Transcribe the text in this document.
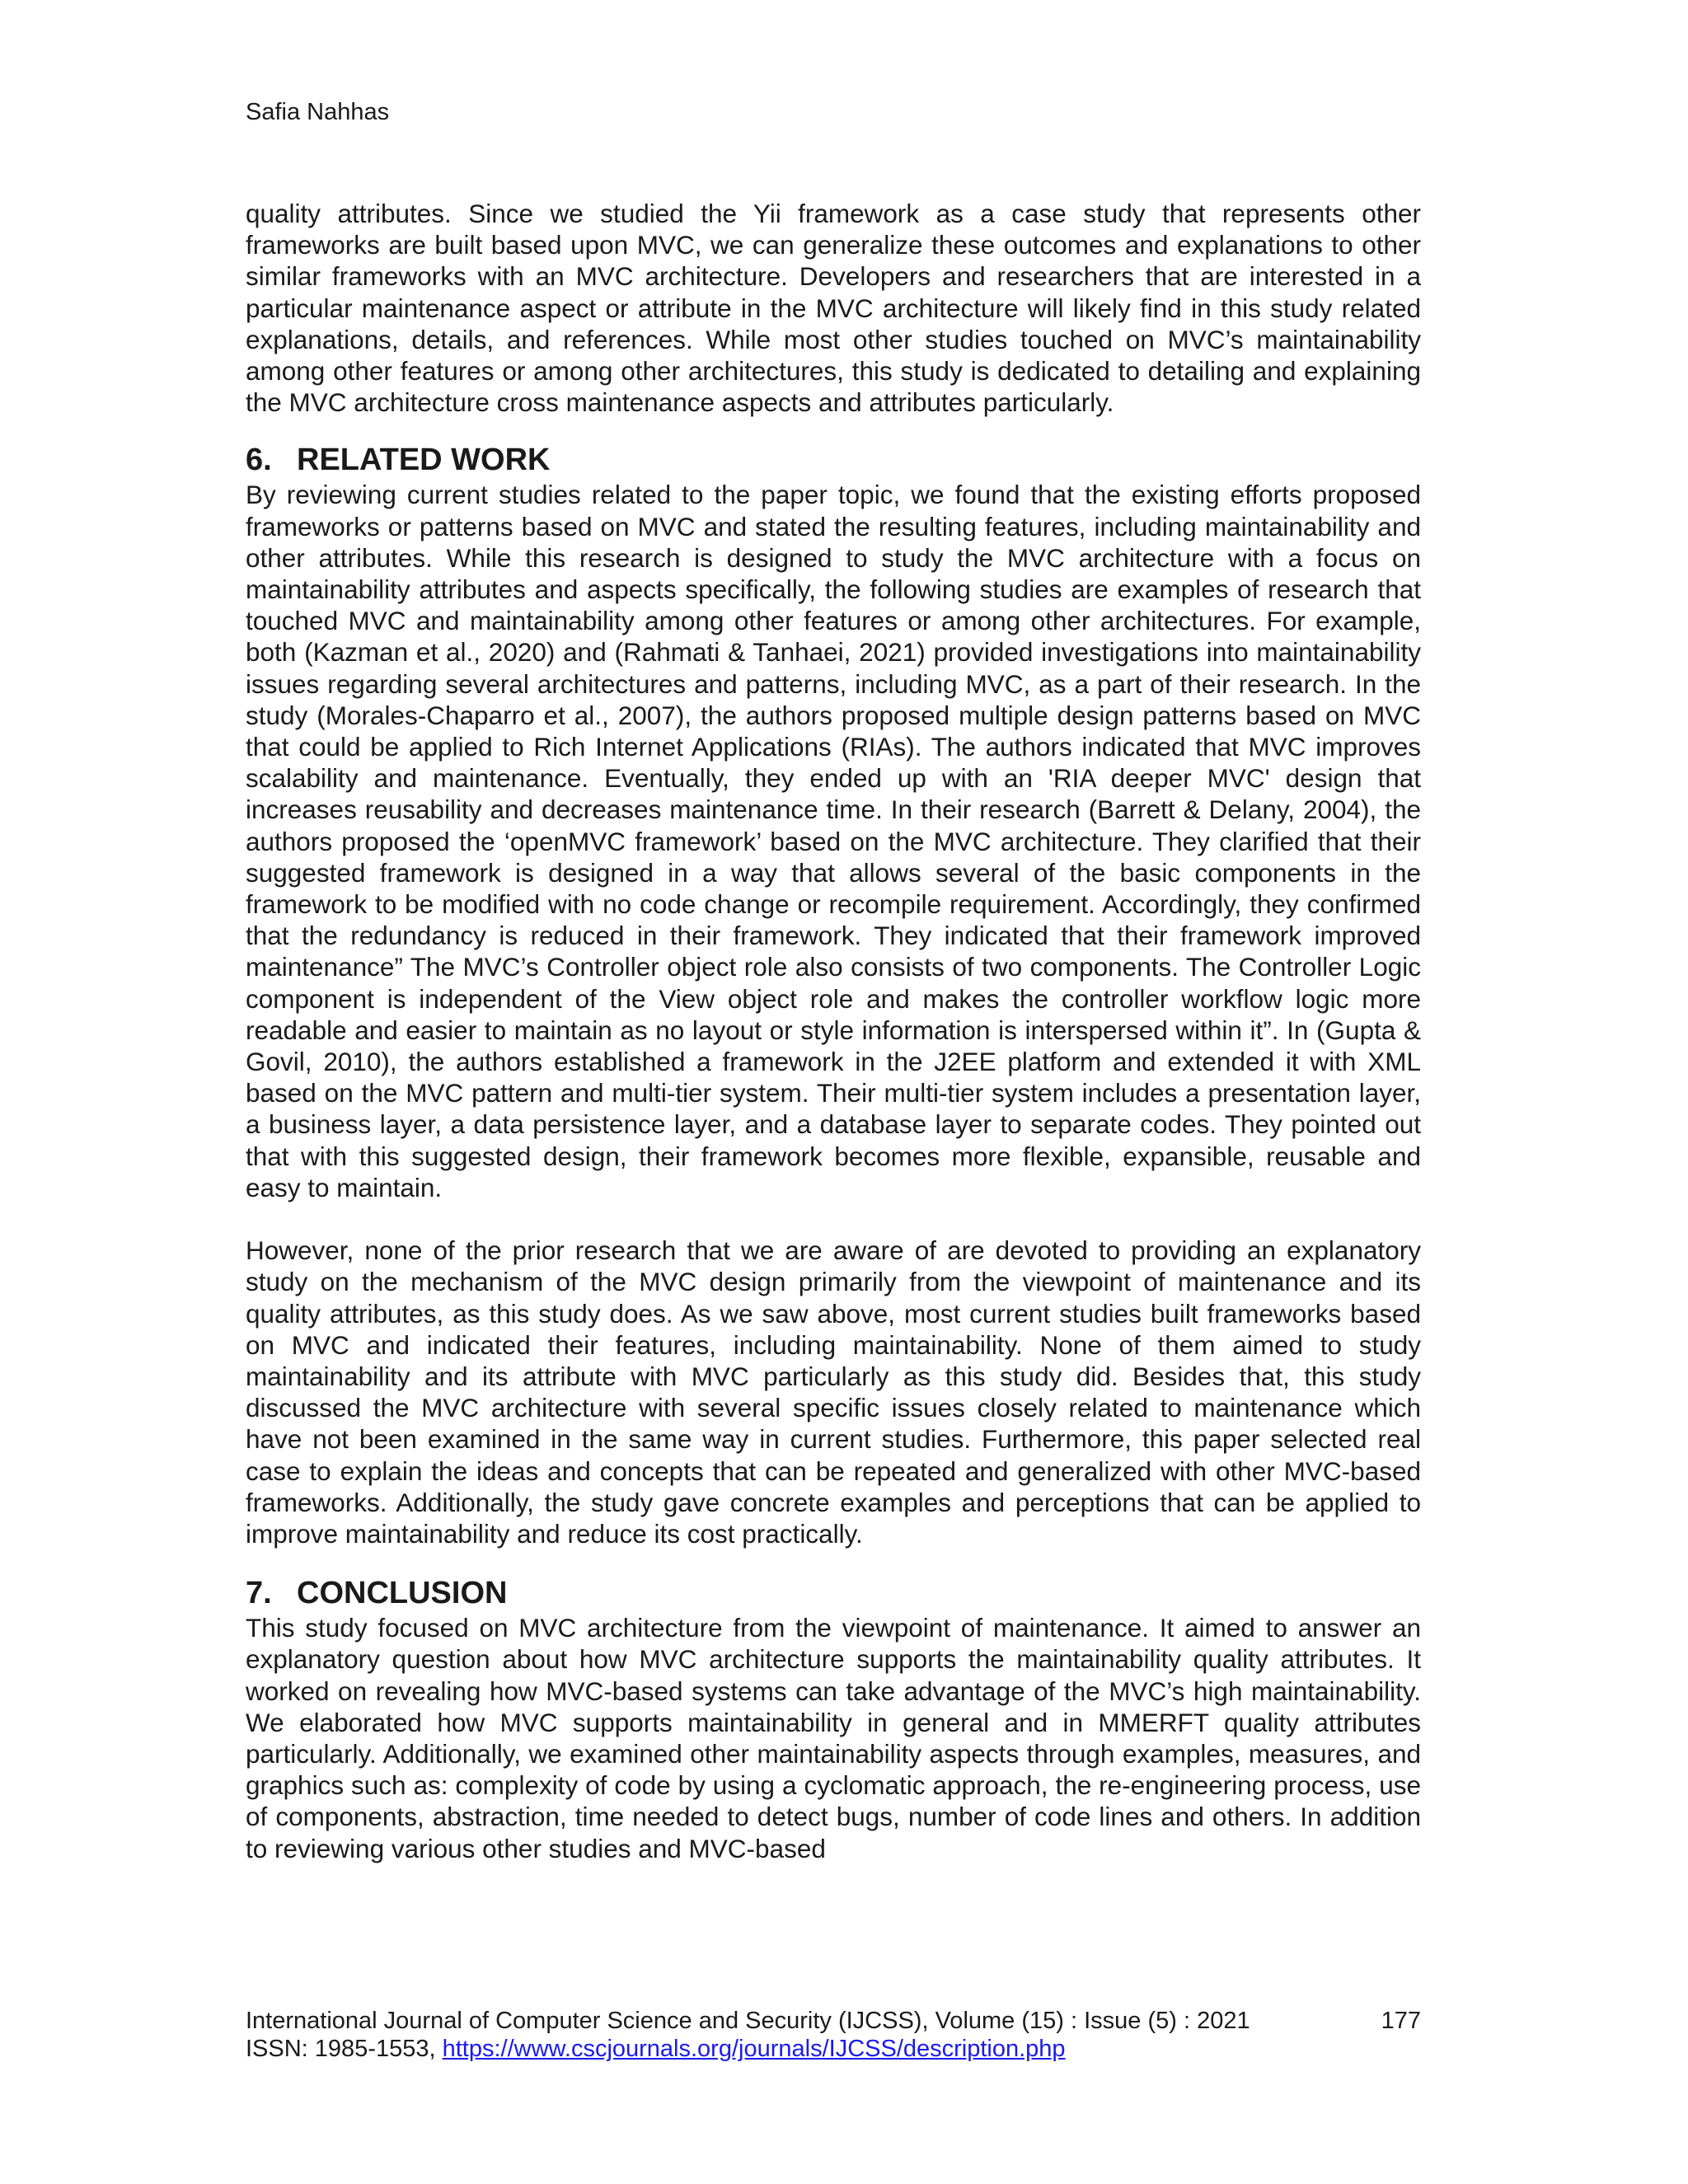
Safia Nahhas

quality attributes. Since we studied the Yii framework as a case study that represents other frameworks are built based upon MVC, we can generalize these outcomes and explanations to other similar frameworks with an MVC architecture. Developers and researchers that are interested in a particular maintenance aspect or attribute in the MVC architecture will likely find in this study related explanations, details, and references. While most other studies touched on MVC’s maintainability among other features or among other architectures, this study is dedicated to detailing and explaining the MVC architecture cross maintenance aspects and attributes particularly.

6. RELATED WORK

By reviewing current studies related to the paper topic, we found that the existing efforts proposed frameworks or patterns based on MVC and stated the resulting features, including maintainability and other attributes. While this research is designed to study the MVC architecture with a focus on maintainability attributes and aspects specifically, the following studies are examples of research that touched MVC and maintainability among other features or among other architectures. For example, both (Kazman et al., 2020) and (Rahmati & Tanhaei, 2021) provided investigations into maintainability issues regarding several architectures and patterns, including MVC, as a part of their research. In the study (Morales-Chaparro et al., 2007), the authors proposed multiple design patterns based on MVC that could be applied to Rich Internet Applications (RIAs). The authors indicated that MVC improves scalability and maintenance. Eventually, they ended up with an 'RIA deeper MVC' design that increases reusability and decreases maintenance time. In their research (Barrett & Delany, 2004), the authors proposed the ‘openMVC framework’ based on the MVC architecture. They clarified that their suggested framework is designed in a way that allows several of the basic components in the framework to be modified with no code change or recompile requirement. Accordingly, they confirmed that the redundancy is reduced in their framework. They indicated that their framework improved maintenance” The MVC’s Controller object role also consists of two components. The Controller Logic component is independent of the View object role and makes the controller workflow logic more readable and easier to maintain as no layout or style information is interspersed within it”. In (Gupta & Govil, 2010), the authors established a framework in the J2EE platform and extended it with XML based on the MVC pattern and multi-tier system. Their multi-tier system includes a presentation layer, a business layer, a data persistence layer, and a database layer to separate codes. They pointed out that with this suggested design, their framework becomes more flexible, expansible, reusable and easy to maintain.

However, none of the prior research that we are aware of are devoted to providing an explanatory study on the mechanism of the MVC design primarily from the viewpoint of maintenance and its quality attributes, as this study does. As we saw above, most current studies built frameworks based on MVC and indicated their features, including maintainability. None of them aimed to study maintainability and its attribute with MVC particularly as this study did. Besides that, this study discussed the MVC architecture with several specific issues closely related to maintenance which have not been examined in the same way in current studies. Furthermore, this paper selected real case to explain the ideas and concepts that can be repeated and generalized with other MVC-based frameworks. Additionally, the study gave concrete examples and perceptions that can be applied to improve maintainability and reduce its cost practically.

7. CONCLUSION

This study focused on MVC architecture from the viewpoint of maintenance. It aimed to answer an explanatory question about how MVC architecture supports the maintainability quality attributes. It worked on revealing how MVC-based systems can take advantage of the MVC’s high maintainability. We elaborated how MVC supports maintainability in general and in MMERFT quality attributes particularly. Additionally, we examined other maintainability aspects through examples, measures, and graphics such as: complexity of code by using a cyclomatic approach, the re-engineering process, use of components, abstraction, time needed to detect bugs, number of code lines and others. In addition to reviewing various other studies and MVC-based

International Journal of Computer Science and Security (IJCSS), Volume (15) : Issue (5) : 2021	177
ISSN: 1985-1553, https://www.cscjournals.org/journals/IJCSS/description.php
